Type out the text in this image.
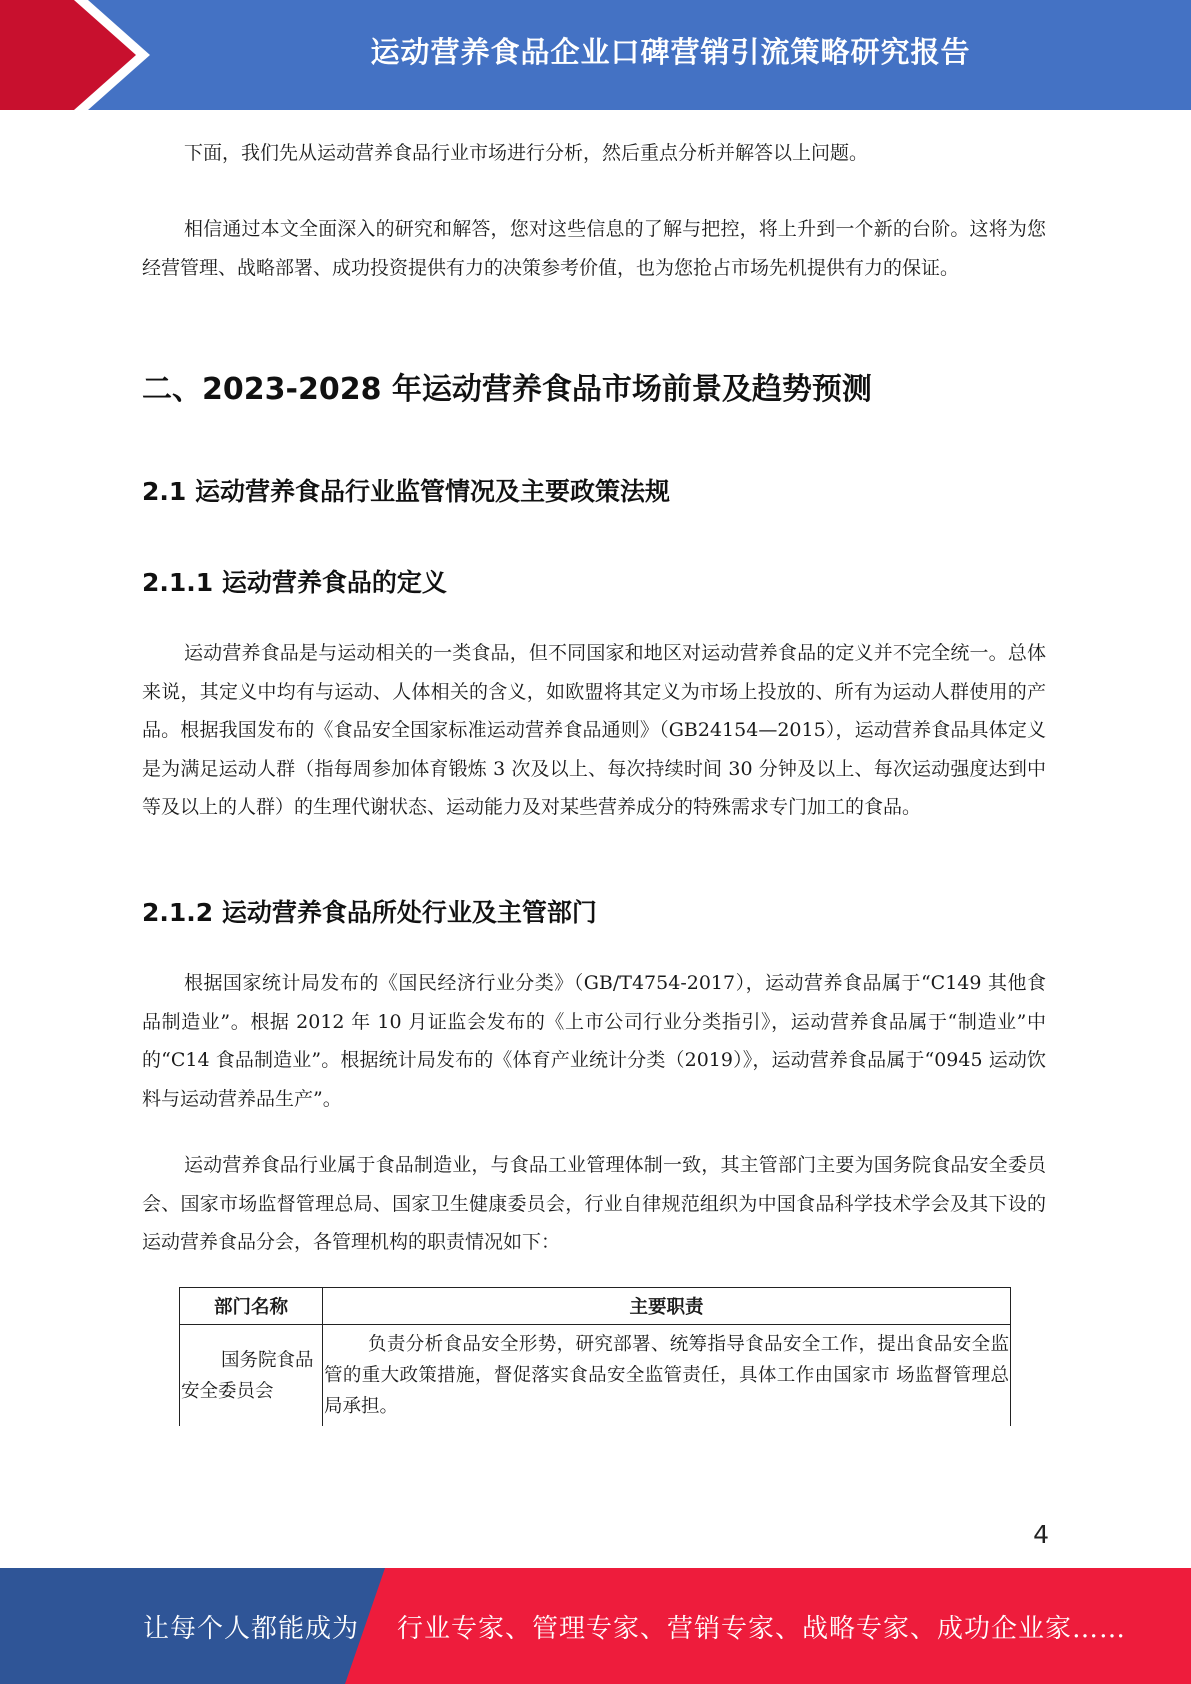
运动营养食品企业口碑营销引流策略研究报告

下面，我们先从运动营养食品行业市场进行分析，然后重点分析并解答以上问题。

相信通过本文全面深入的研究和解答，您对这些信息的了解与把控，将上升到一个新的台阶。这将为您经营管理、战略部署、成功投资提供有力的决策参考价值，也为您抢占市场先机提供有力的保证。

二、2023-2028 年运动营养食品市场前景及趋势预测
2.1 运动营养食品行业监管情况及主要政策法规
2.1.1 运动营养食品的定义

运动营养食品是与运动相关的一类食品，但不同国家和地区对运动营养食品的定义并不完全统一。总体来说，其定义中均有与运动、人体相关的含义，如欧盟将其定义为市场上投放的、所有为运动人群使用的产品。根据我国发布的《食品安全国家标准运动营养食品通则》（GB24154—2015），运动营养食品具体定义是为满足运动人群（指每周参加体育锻炼 3 次及以上、每次持续时间 30 分钟及以上、每次运动强度达到中等及以上的人群）的生理代谢状态、运动能力及对某些营养成分的特殊需求专门加工的食品。

2.1.2 运动营养食品所处行业及主管部门

根据国家统计局发布的《国民经济行业分类》（GB/T4754-2017），运动营养食品属于“C149 其他食品制造业”。根据 2012 年 10 月证监会发布的《上市公司行业分类指引》，运动营养食品属于“制造业”中的“C14 食品制造业”。根据统计局发布的《体育产业统计分类（2019）》，运动营养食品属于“0945 运动饮料与运动营养品生产”。

运动营养食品行业属于食品制造业，与食品工业管理体制一致，其主管部门主要为国务院食品安全委员会、国家市场监督管理总局、国家卫生健康委员会，行业自律规范组织为中国食品科学技术学会及其下设的运动营养食品分会，各管理机构的职责情况如下：

部门名称	主要职责
国务院食品 安全委员会	负责分析食品安全形势，研究部署、统筹指导食品安全工作，提出食品安全监管的重大政策措施，督促落实食品安全监管责任，具体工作由国家市 场监督管理总局承担。
4
让每个人都能成为 行业专家、管理专家、营销专家、战略专家、成功企业家……
